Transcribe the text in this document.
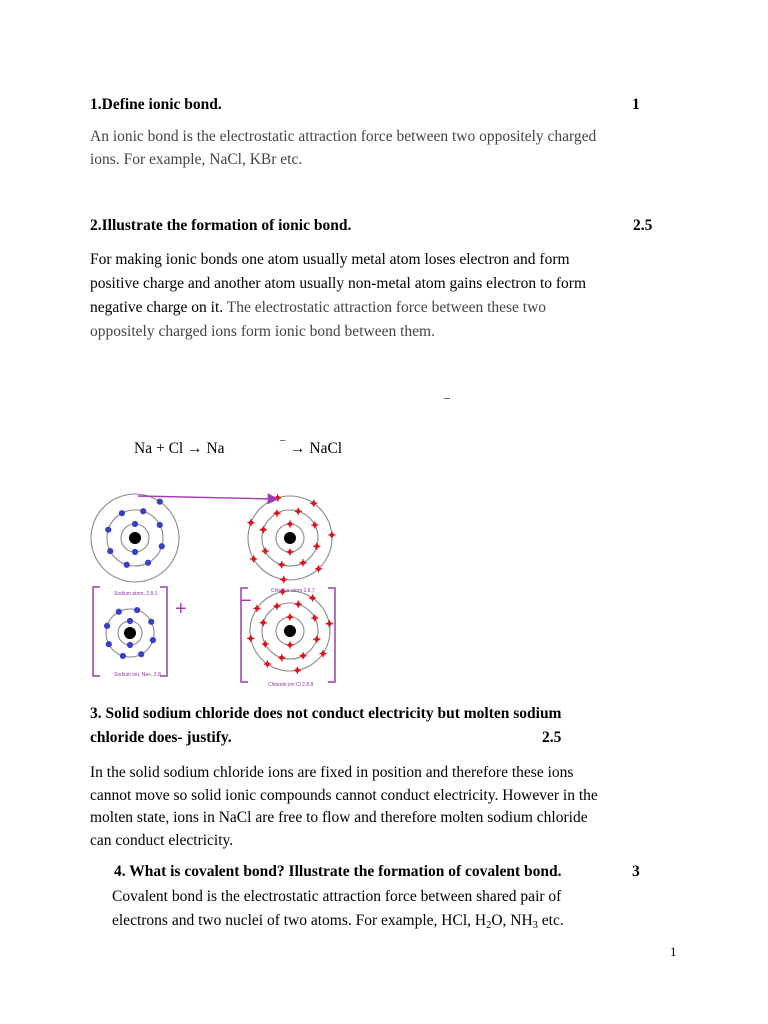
1.Define ionic bond.	1
An ionic bond is the electrostatic attraction force between two oppositely charged
ions. For example, NaCl, KBr etc.
2.Illustrate the formation of ionic bond.	2.5
For making ionic bonds one atom usually metal atom loses electron and form
positive charge and another atom usually non-metal atom gains electron to form
negative charge on it. The electrostatic attraction force between these two
oppositely charged ions form ionic bond between them.
–
Na + Cl → Na	– → NaCl
Sodium atom, 2.8.1	Chlorine atom 2.8.7
Sodium ion, Na+, 2.8
Chloride ion Cl 2.8.8
+	−
3. Solid sodium chloride does not conduct electricity but molten sodium
chloride does- justify.	2.5
In the solid sodium chloride ions are fixed in position and therefore these ions
cannot move so solid ionic compounds cannot conduct electricity. However in the
molten state, ions in NaCl are free to flow and therefore molten sodium chloride
can conduct electricity.
4. What is covalent bond? Illustrate the formation of covalent bond.	3
Covalent bond is the electrostatic attraction force between shared pair of
electrons and two nuclei of two atoms. For example, HCl, $H_2O$, $NH_3$ etc.
1
